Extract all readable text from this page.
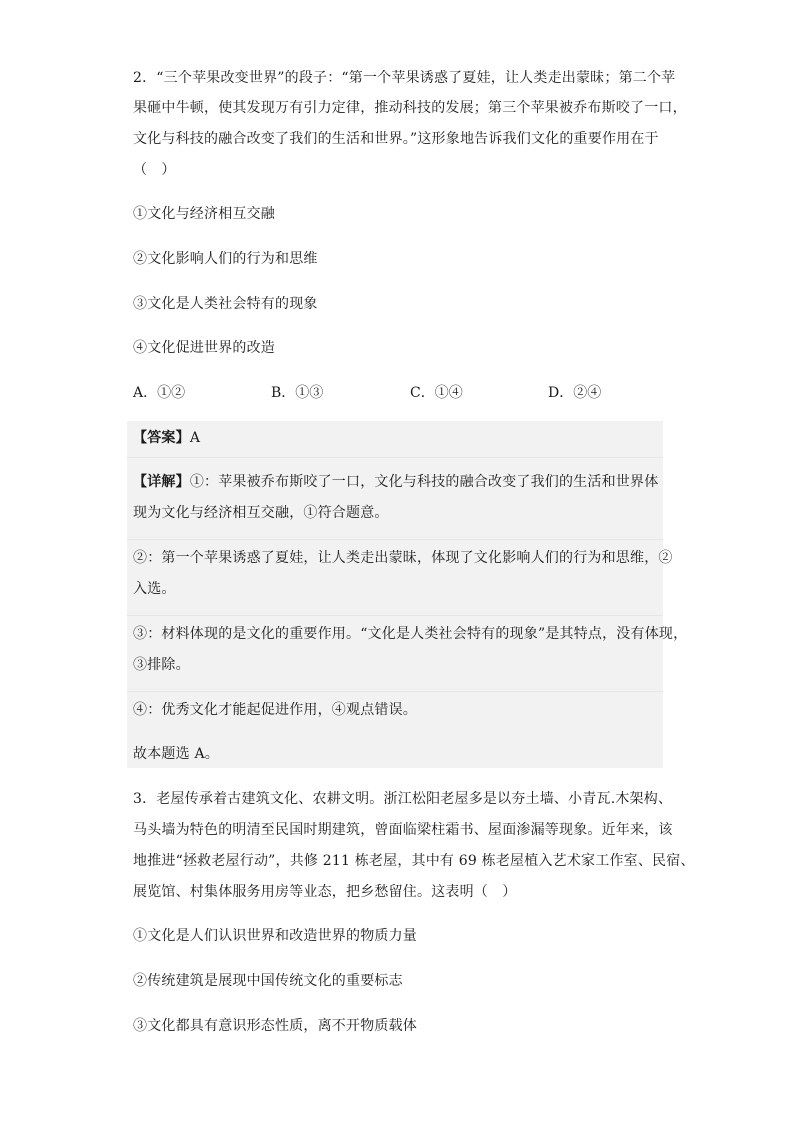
2．“三个苹果改变世界”的段子：“第一个苹果诱惑了夏娃，让人类走出蒙昧；第二个苹
果砸中牛顿，使其发现万有引力定律，推动科技的发展；第三个苹果被乔布斯咬了一口，
文化与科技的融合改变了我们的生活和世界。”这形象地告诉我们文化的重要作用在于
（　）
①文化与经济相互交融
②文化影响人们的行为和思维
③文化是人类社会特有的现象
④文化促进世界的改造
A．①②	B．①③	C．①④	D．②④
【答案】A
【详解】①：苹果被乔布斯咬了一口，文化与科技的融合改变了我们的生活和世界体
现为文化与经济相互交融，①符合题意。
②：第一个苹果诱惑了夏娃，让人类走出蒙昧，体现了文化影响人们的行为和思维，②
入选。
③：材料体现的是文化的重要作用。“文化是人类社会特有的现象”是其特点，没有体现，
③排除。
④：优秀文化才能起促进作用，④观点错误。
故本题选 A。
3．老屋传承着古建筑文化、农耕文明。浙江松阳老屋多是以夯土墙、小青瓦.木架构、
马头墙为特色的明清至民国时期建筑，曾面临梁柱霜书、屋面渗漏等现象。近年来，该
地推进“拯救老屋行动”，共修 211 栋老屋，其中有 69 栋老屋植入艺术家工作室、民宿、
展览馆、村集体服务用房等业态，把乡愁留住。这表明（　）
①文化是人们认识世界和改造世界的物质力量
②传统建筑是展现中国传统文化的重要标志
③文化都具有意识形态性质，离不开物质载体
